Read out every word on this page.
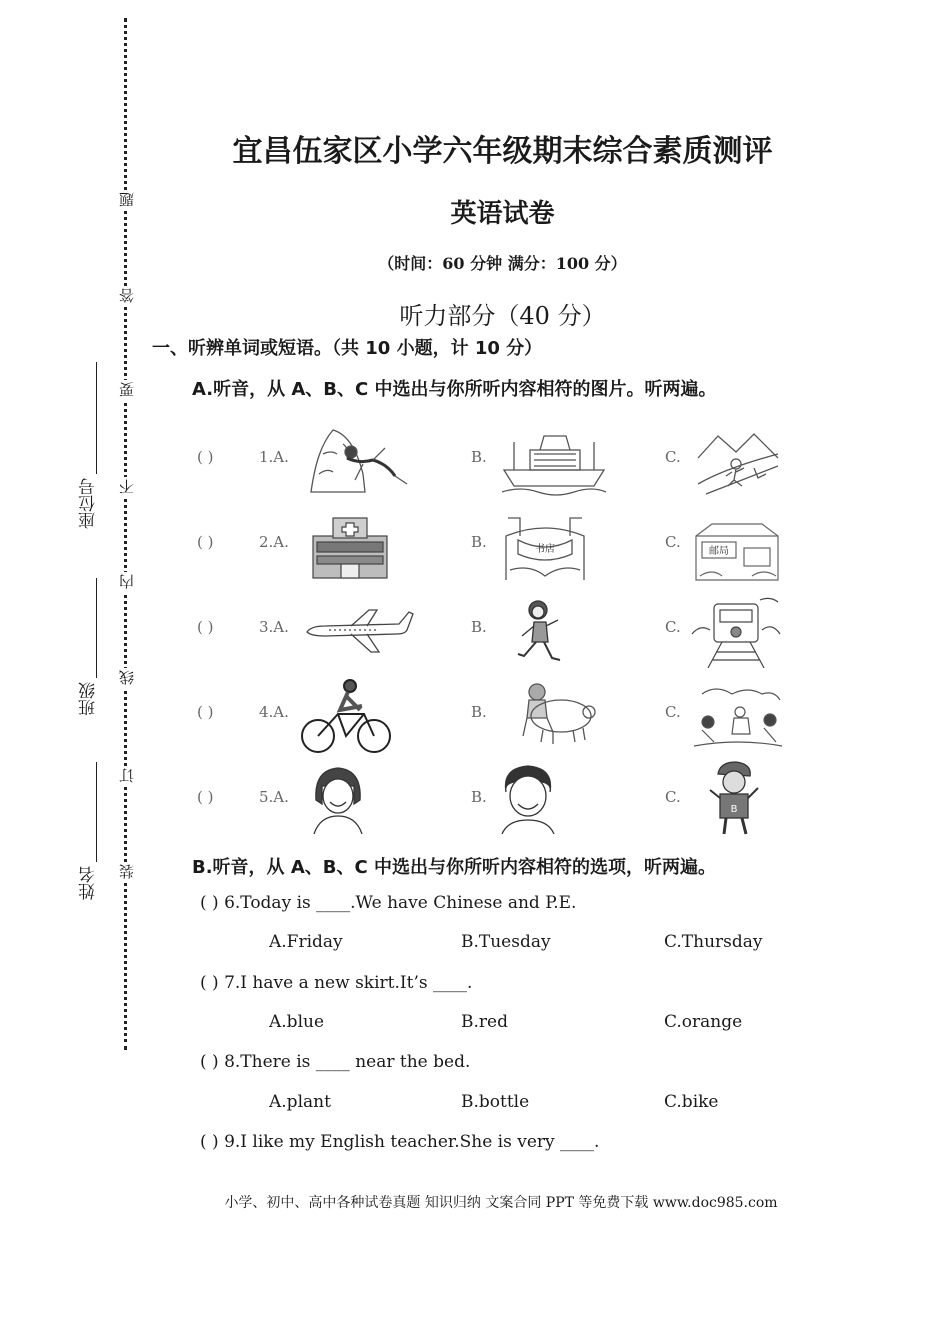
装
订
线
内
不
要
答
题
姓名
班级
座位号
宜昌伍家区小学六年级期末综合素质测评
英语试卷
（时间：60 分钟 满分：100 分）
听力部分（40 分）
一、听辨单词或短语。（共 10 小题，计 10 分）
A.听音，从 A、B、C 中选出与你所听内容相符的图片。听两遍。
( )	1.A.	B.	C.
( )	2.A.	B.	书店	C.
邮局
( )	3.A.	B.	C.
( )	4.A.	B.	C.
( )	5.A.	B.	C.
B
B.听音，从 A、B、C 中选出与你所听内容相符的选项，听两遍。
( ) 6.Today is ____.We have Chinese and P.E.
A.Friday	B.Tuesday	C.Thursday
( ) 7.I have a new skirt.It’s ____.
A.blue	B.red	C.orange
( ) 8.There is ____ near the bed.
A.plant	B.bottle	C.bike
( ) 9.I like my English teacher.She is very ____.
小学、初中、高中各种试卷真题 知识归纳 文案合同 PPT 等免费下载 www.doc985.com
